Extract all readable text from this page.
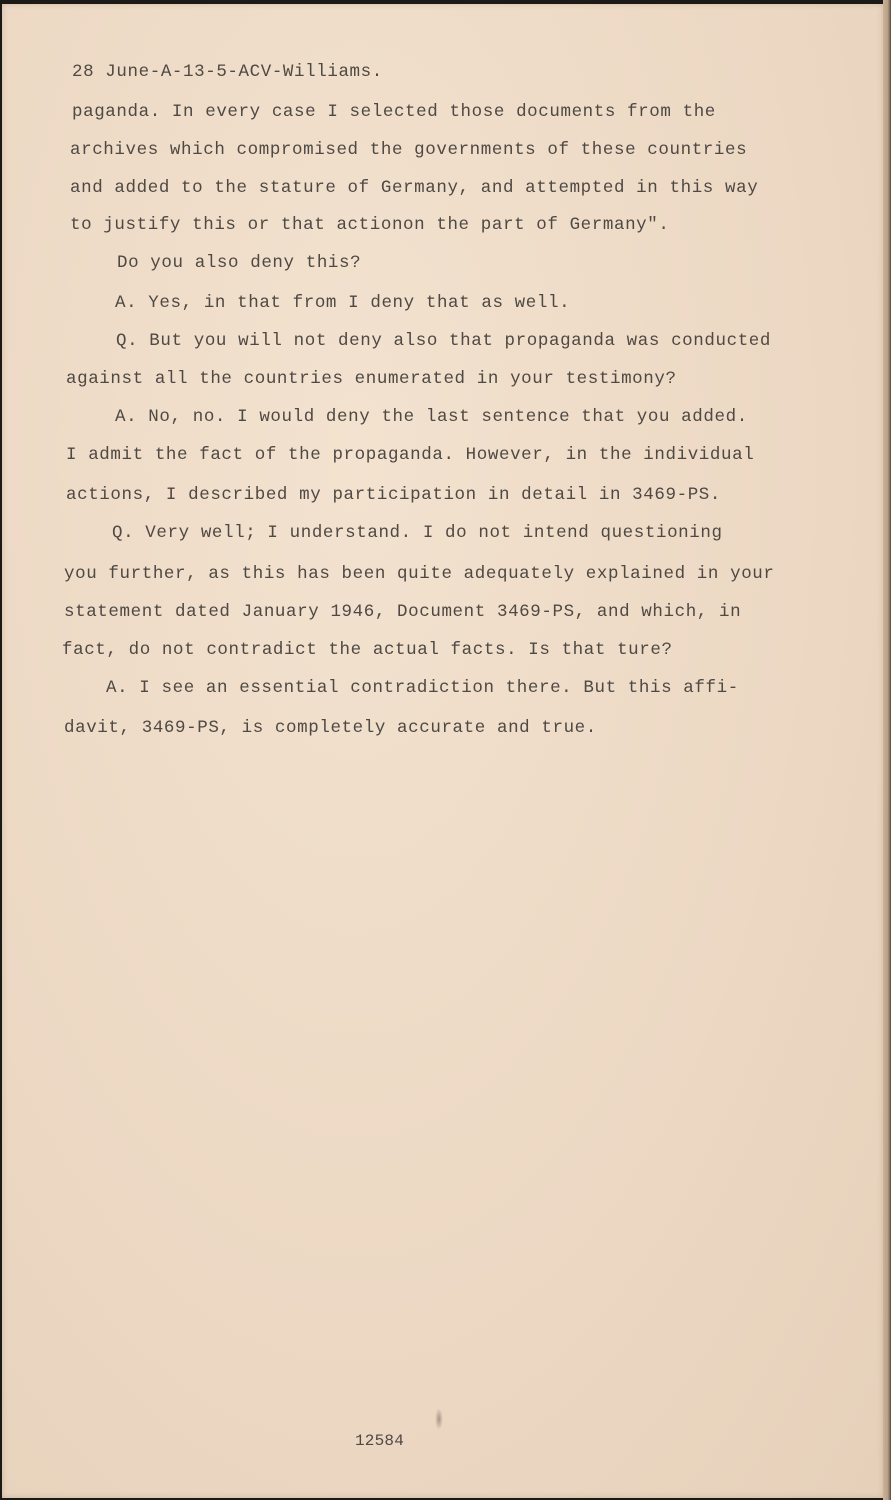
28 June-A-13-5-ACV-Williams.
paganda. In every case I selected those documents from the
archives which compromised the governments of these countries
and added to the stature of Germany, and attempted in this way
to justify this or that actionon the part of Germany".
Do you also deny this?
A. Yes, in that from I deny that as well.
Q. But you will not deny also that propaganda was conducted
against all the countries enumerated in your testimony?
A. No, no. I would deny the last sentence that you added.
I admit the fact of the propaganda. However, in the individual
actions, I described my participation in detail in 3469-PS.
Q. Very well; I understand. I do not intend questioning
you further, as this has been quite adequately explained in your
statement dated January 1946, Document 3469-PS, and which, in
fact, do not contradict the actual facts. Is that ture?
A. I see an essential contradiction there. But this affi-
davit, 3469-PS, is completely accurate and true.
12584
